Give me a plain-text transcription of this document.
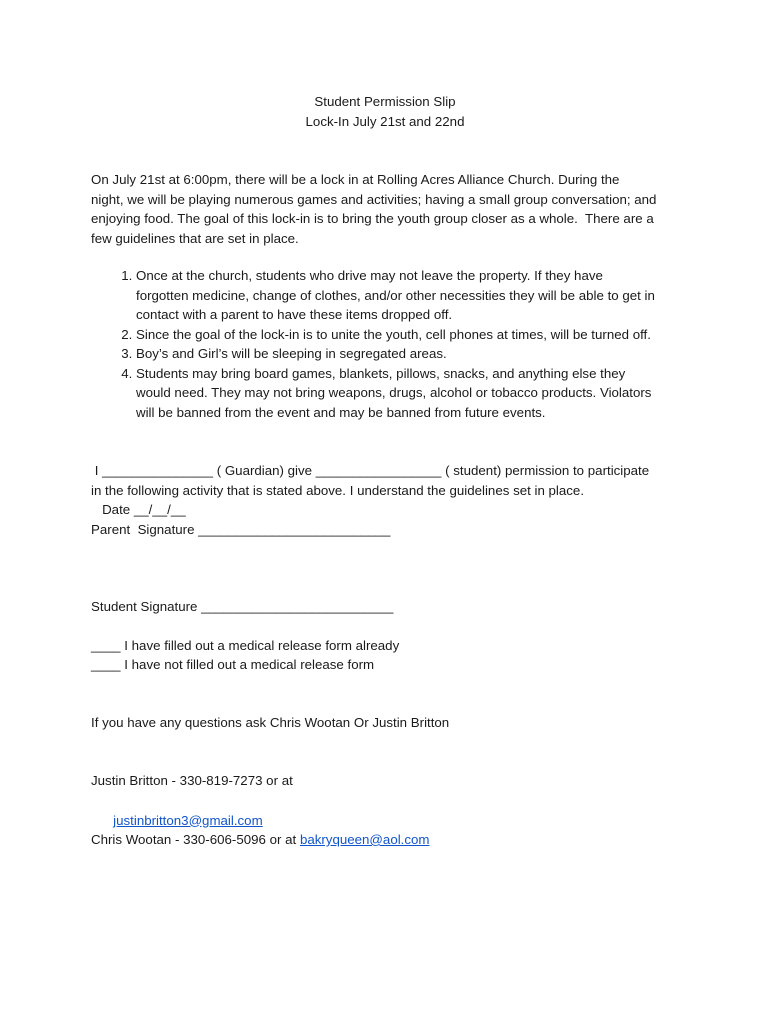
Student Permission Slip

Lock-In July 21st and 22nd

On July 21st at 6:00pm, there will be a lock in at Rolling Acres Alliance Church. During the

night, we will be playing numerous games and activities; having a small group conversation; and

enjoying food. The goal of this lock-in is to bring the youth group closer as a whole.  There are a

few guidelines that are set in place.

1. Once at the church, students who drive may not leave the property. If they have
forgotten medicine, change of clothes, and/or other necessities they will be able to get in
contact with a parent to have these items dropped off.
2. Since the goal of the lock-in is to unite the youth, cell phones at times, will be turned off.
3. Boy’s and Girl’s will be sleeping in segregated areas.
4. Students may bring board games, blankets, pillows, snacks, and anything else they
would need. They may not bring weapons, drugs, alcohol or tobacco products. Violators
will be banned from the event and may be banned from future events.

I _______________ ( Guardian) give _________________ ( student) permission to participate

in the following activity that is stated above. I understand the guidelines set in place.

Date __/__/__

Parent  Signature __________________________

Student Signature __________________________

____ I have filled out a medical release form already

____ I have not filled out a medical release form

If you have any questions ask Chris Wootan Or Justin Britton

Justin Britton - 330-819-7273 or at

justinbritton3@gmail.com

Chris Wootan - 330-606-5096 or at bakryqueen@aol.com
